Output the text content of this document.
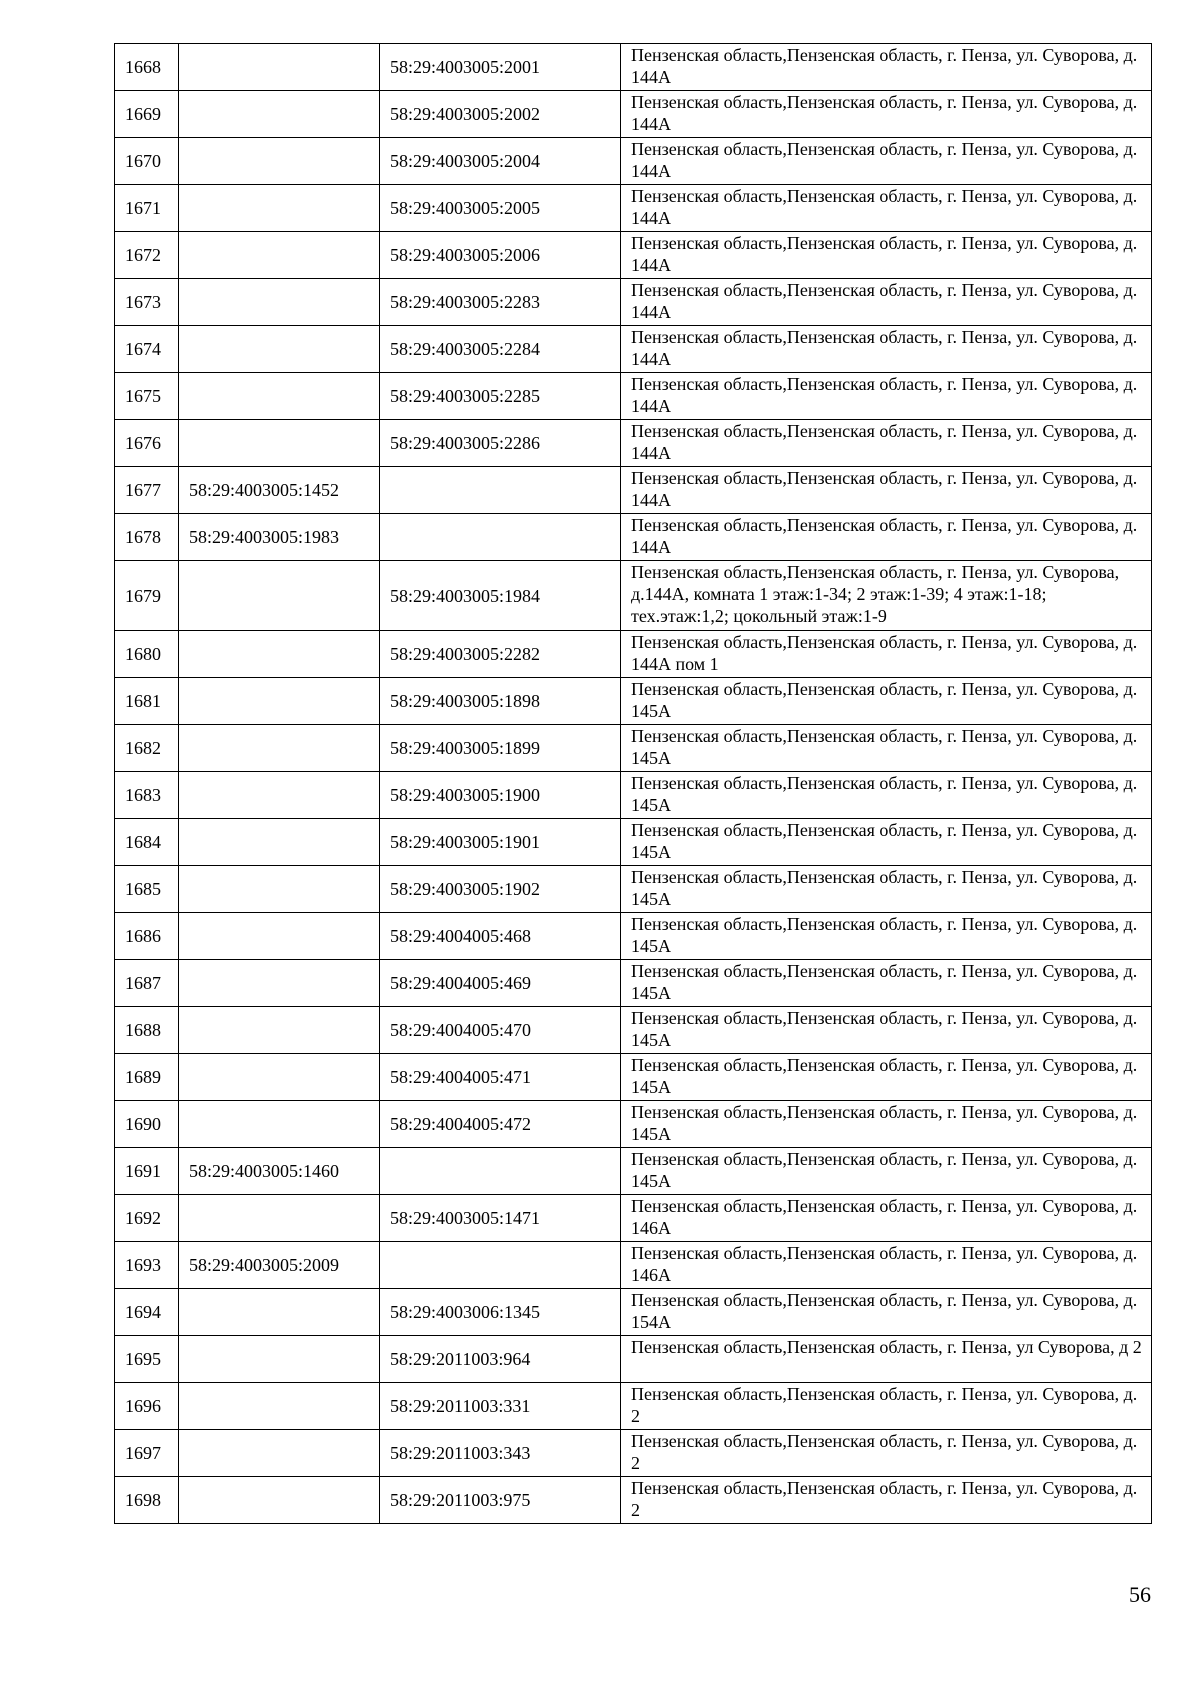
1668		58:29:4003005:2001	Пензенская область,Пензенская область, г. Пенза, ул. Суворова, д. 144А
1669		58:29:4003005:2002	Пензенская область,Пензенская область, г. Пенза, ул. Суворова, д. 144А
1670		58:29:4003005:2004	Пензенская область,Пензенская область, г. Пенза, ул. Суворова, д. 144А
1671		58:29:4003005:2005	Пензенская область,Пензенская область, г. Пенза, ул. Суворова, д. 144А
1672		58:29:4003005:2006	Пензенская область,Пензенская область, г. Пенза, ул. Суворова, д. 144А
1673		58:29:4003005:2283	Пензенская область,Пензенская область, г. Пенза, ул. Суворова, д. 144А
1674		58:29:4003005:2284	Пензенская область,Пензенская область, г. Пенза, ул. Суворова, д. 144А
1675		58:29:4003005:2285	Пензенская область,Пензенская область, г. Пенза, ул. Суворова, д. 144А
1676		58:29:4003005:2286	Пензенская область,Пензенская область, г. Пенза, ул. Суворова, д. 144А
1677	58:29:4003005:1452		Пензенская область,Пензенская область, г. Пенза, ул. Суворова, д. 144А
1678	58:29:4003005:1983		Пензенская область,Пензенская область, г. Пенза, ул. Суворова, д. 144А
1679		58:29:4003005:1984	Пензенская область,Пензенская область, г. Пенза, ул. Суворова, д.144А, комната 1 этаж:1-34; 2 этаж:1-39; 4 этаж:1-18; тех.этаж:1,2; цокольный этаж:1-9
1680		58:29:4003005:2282	Пензенская область,Пензенская область, г. Пенза, ул. Суворова, д. 144А пом 1
1681		58:29:4003005:1898	Пензенская область,Пензенская область, г. Пенза, ул. Суворова, д. 145А
1682		58:29:4003005:1899	Пензенская область,Пензенская область, г. Пенза, ул. Суворова, д. 145А
1683		58:29:4003005:1900	Пензенская область,Пензенская область, г. Пенза, ул. Суворова, д. 145А
1684		58:29:4003005:1901	Пензенская область,Пензенская область, г. Пенза, ул. Суворова, д. 145А
1685		58:29:4003005:1902	Пензенская область,Пензенская область, г. Пенза, ул. Суворова, д. 145А
1686		58:29:4004005:468	Пензенская область,Пензенская область, г. Пенза, ул. Суворова, д. 145А
1687		58:29:4004005:469	Пензенская область,Пензенская область, г. Пенза, ул. Суворова, д. 145А
1688		58:29:4004005:470	Пензенская область,Пензенская область, г. Пенза, ул. Суворова, д. 145А
1689		58:29:4004005:471	Пензенская область,Пензенская область, г. Пенза, ул. Суворова, д. 145А
1690		58:29:4004005:472	Пензенская область,Пензенская область, г. Пенза, ул. Суворова, д. 145А
1691	58:29:4003005:1460		Пензенская область,Пензенская область, г. Пенза, ул. Суворова, д. 145А
1692		58:29:4003005:1471	Пензенская область,Пензенская область, г. Пенза, ул. Суворова, д. 146А
1693	58:29:4003005:2009		Пензенская область,Пензенская область, г. Пенза, ул. Суворова, д. 146А
1694		58:29:4003006:1345	Пензенская область,Пензенская область, г. Пенза, ул. Суворова, д. 154А
1695		58:29:2011003:964	Пензенская область,Пензенская область, г. Пенза, ул Суворова, д 2
1696		58:29:2011003:331	Пензенская область,Пензенская область, г. Пенза, ул. Суворова, д. 2
1697		58:29:2011003:343	Пензенская область,Пензенская область, г. Пенза, ул. Суворова, д. 2
1698		58:29:2011003:975	Пензенская область,Пензенская область, г. Пенза, ул. Суворова, д. 2
56
